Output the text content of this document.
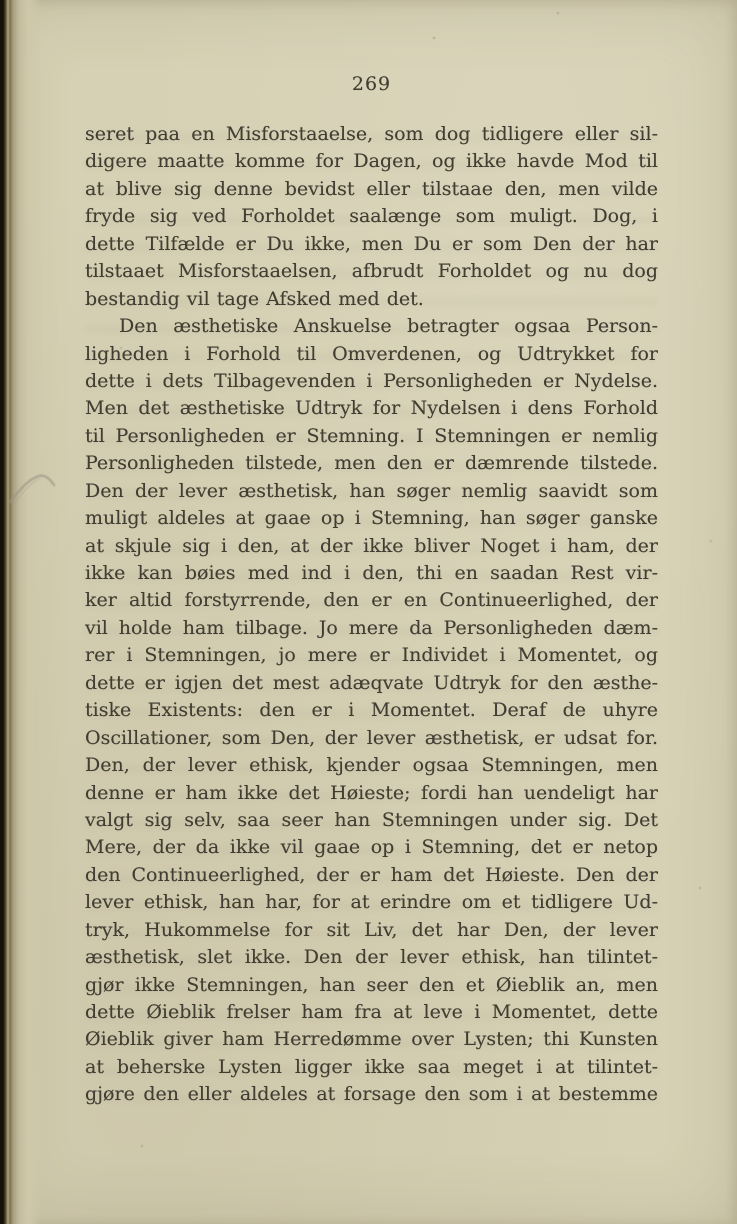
269
seret paa en Misforstaaelse, som dog tidligere eller sil-
digere maatte komme for Dagen, og ikke havde Mod til
at blive sig denne bevidst eller tilstaae den, men vilde
fryde sig ved Forholdet saalænge som muligt. Dog, i
dette Tilfælde er Du ikke, men Du er som Den der har
tilstaaet Misforstaaelsen, afbrudt Forholdet og nu dog
bestandig vil tage Afsked med det.
Den æsthetiske Anskuelse betragter ogsaa Person-
ligheden i Forhold til Omverdenen, og Udtrykket for
dette i dets Tilbagevenden i Personligheden er Nydelse.
Men det æsthetiske Udtryk for Nydelsen i dens Forhold
til Personligheden er Stemning. I Stemningen er nemlig
Personligheden tilstede, men den er dæmrende tilstede.
Den der lever æsthetisk, han søger nemlig saavidt som
muligt aldeles at gaae op i Stemning, han søger ganske
at skjule sig i den, at der ikke bliver Noget i ham, der
ikke kan bøies med ind i den, thi en saadan Rest vir-
ker altid forstyrrende, den er en Continueerlighed, der
vil holde ham tilbage. Jo mere da Personligheden dæm-
rer i Stemningen, jo mere er Individet i Momentet, og
dette er igjen det mest adæqvate Udtryk for den æsthe-
tiske Existents: den er i Momentet. Deraf de uhyre
Oscillationer, som Den, der lever æsthetisk, er udsat for.
Den, der lever ethisk, kjender ogsaa Stemningen, men
denne er ham ikke det Høieste; fordi han uendeligt har
valgt sig selv, saa seer han Stemningen under sig. Det
Mere, der da ikke vil gaae op i Stemning, det er netop
den Continueerlighed, der er ham det Høieste. Den der
lever ethisk, han har, for at erindre om et tidligere Ud-
tryk, Hukommelse for sit Liv, det har Den, der lever
æsthetisk, slet ikke. Den der lever ethisk, han tilintet-
gjør ikke Stemningen, han seer den et Øieblik an, men
dette Øieblik frelser ham fra at leve i Momentet, dette
Øieblik giver ham Herredømme over Lysten; thi Kunsten
at beherske Lysten ligger ikke saa meget i at tilintet-
gjøre den eller aldeles at forsage den som i at bestemme
